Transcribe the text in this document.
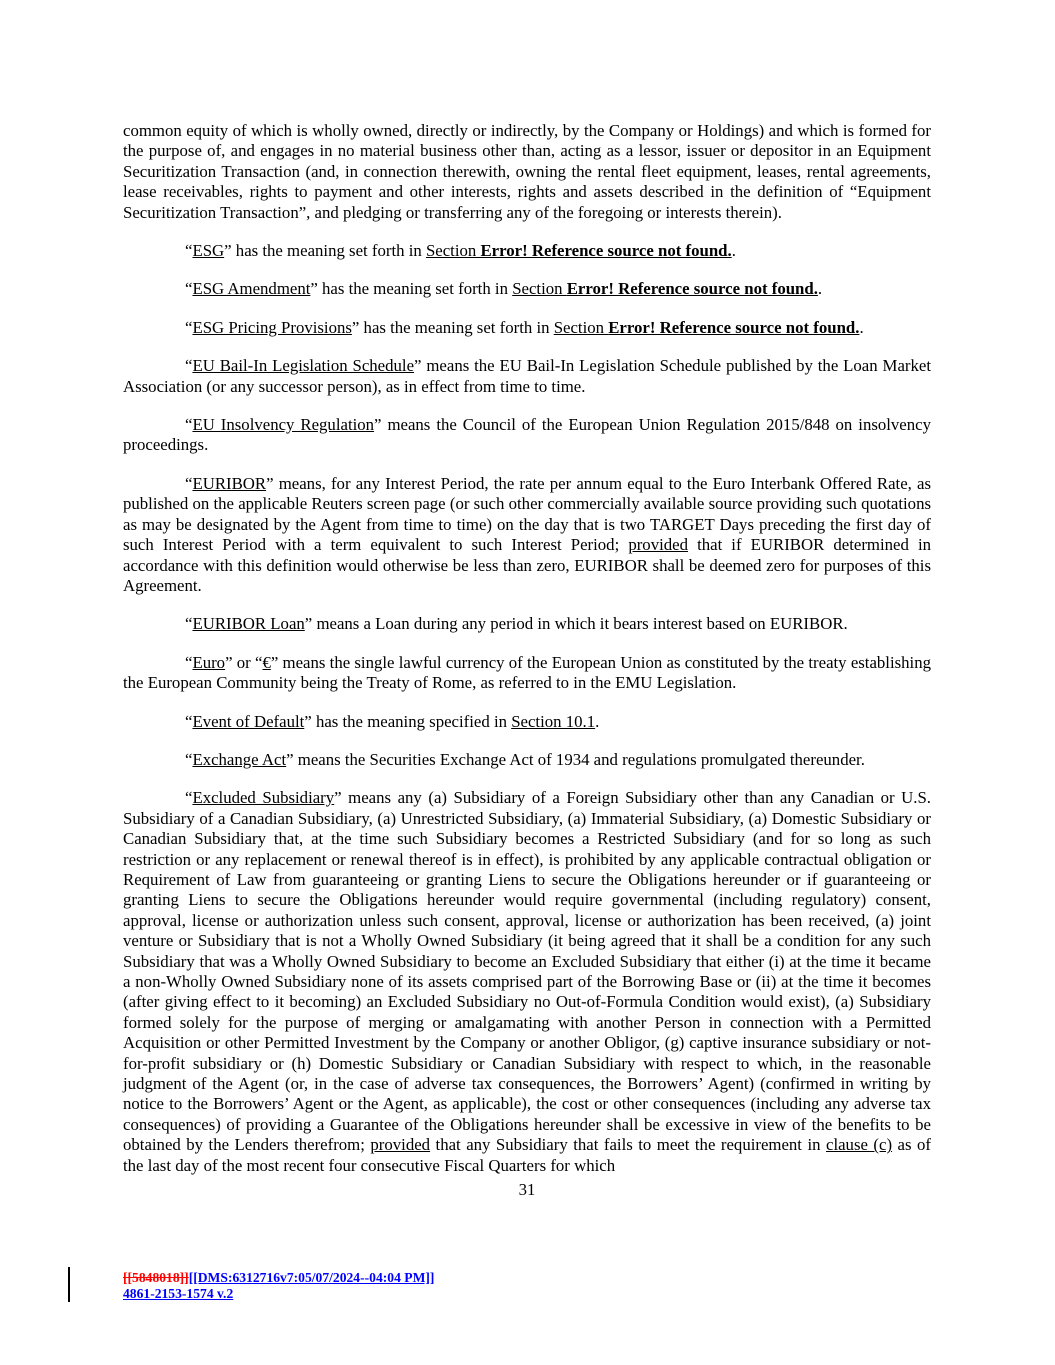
common equity of which is wholly owned, directly or indirectly, by the Company or Holdings) and which is formed for the purpose of, and engages in no material business other than, acting as a lessor, issuer or depositor in an Equipment Securitization Transaction (and, in connection therewith, owning the rental fleet equipment, leases, rental agreements, lease receivables, rights to payment and other interests, rights and assets described in the definition of “Equipment Securitization Transaction”, and pledging or transferring any of the foregoing or interests therein).

“ESG” has the meaning set forth in Section Error! Reference source not found..

“ESG Amendment” has the meaning set forth in Section Error! Reference source not found..

“ESG Pricing Provisions” has the meaning set forth in Section Error! Reference source not found..

“EU Bail-In Legislation Schedule” means the EU Bail-In Legislation Schedule published by the Loan Market Association (or any successor person), as in effect from time to time.

“EU Insolvency Regulation” means the Council of the European Union Regulation 2015/848 on insolvency proceedings.

“EURIBOR” means, for any Interest Period, the rate per annum equal to the Euro Interbank Offered Rate, as published on the applicable Reuters screen page (or such other commercially available source providing such quotations as may be designated by the Agent from time to time) on the day that is two TARGET Days preceding the first day of such Interest Period with a term equivalent to such Interest Period; provided that if EURIBOR determined in accordance with this definition would otherwise be less than zero, EURIBOR shall be deemed zero for purposes of this Agreement.

“EURIBOR Loan” means a Loan during any period in which it bears interest based on EURIBOR.

“Euro” or “€” means the single lawful currency of the European Union as constituted by the treaty establishing the European Community being the Treaty of Rome, as referred to in the EMU Legislation.

“Event of Default” has the meaning specified in Section 10.1.

“Exchange Act” means the Securities Exchange Act of 1934 and regulations promulgated thereunder.

“Excluded Subsidiary” means any (a) Subsidiary of a Foreign Subsidiary other than any Canadian or U.S. Subsidiary of a Canadian Subsidiary, (a) Unrestricted Subsidiary, (a) Immaterial Subsidiary, (a) Domestic Subsidiary or Canadian Subsidiary that, at the time such Subsidiary becomes a Restricted Subsidiary (and for so long as such restriction or any replacement or renewal thereof is in effect), is prohibited by any applicable contractual obligation or Requirement of Law from guaranteeing or granting Liens to secure the Obligations hereunder or if guaranteeing or granting Liens to secure the Obligations hereunder would require governmental (including regulatory) consent, approval, license or authorization unless such consent, approval, license or authorization has been received, (a) joint venture or Subsidiary that is not a Wholly Owned Subsidiary (it being agreed that it shall be a condition for any such Subsidiary that was a Wholly Owned Subsidiary to become an Excluded Subsidiary that either (i) at the time it became a non-Wholly Owned Subsidiary none of its assets comprised part of the Borrowing Base or (ii) at the time it becomes (after giving effect to it becoming) an Excluded Subsidiary no Out-of-Formula Condition would exist), (a) Subsidiary formed solely for the purpose of merging or amalgamating with another Person in connection with a Permitted Acquisition or other Permitted Investment by the Company or another Obligor, (g) captive insurance subsidiary or not-for-profit subsidiary or (h) Domestic Subsidiary or Canadian Subsidiary with respect to which, in the reasonable judgment of the Agent (or, in the case of adverse tax consequences, the Borrowers’ Agent) (confirmed in writing by notice to the Borrowers’ Agent or the Agent, as applicable), the cost or other consequences (including any adverse tax consequences) of providing a Guarantee of the Obligations hereunder shall be excessive in view of the benefits to be obtained by the Lenders therefrom; provided that any Subsidiary that fails to meet the requirement in clause (c) as of the last day of the most recent four consecutive Fiscal Quarters for which

31
[[5848018]][[DMS:6312716v7:05/07/2024--04:04 PM]]
4861-2153-1574 v.2
